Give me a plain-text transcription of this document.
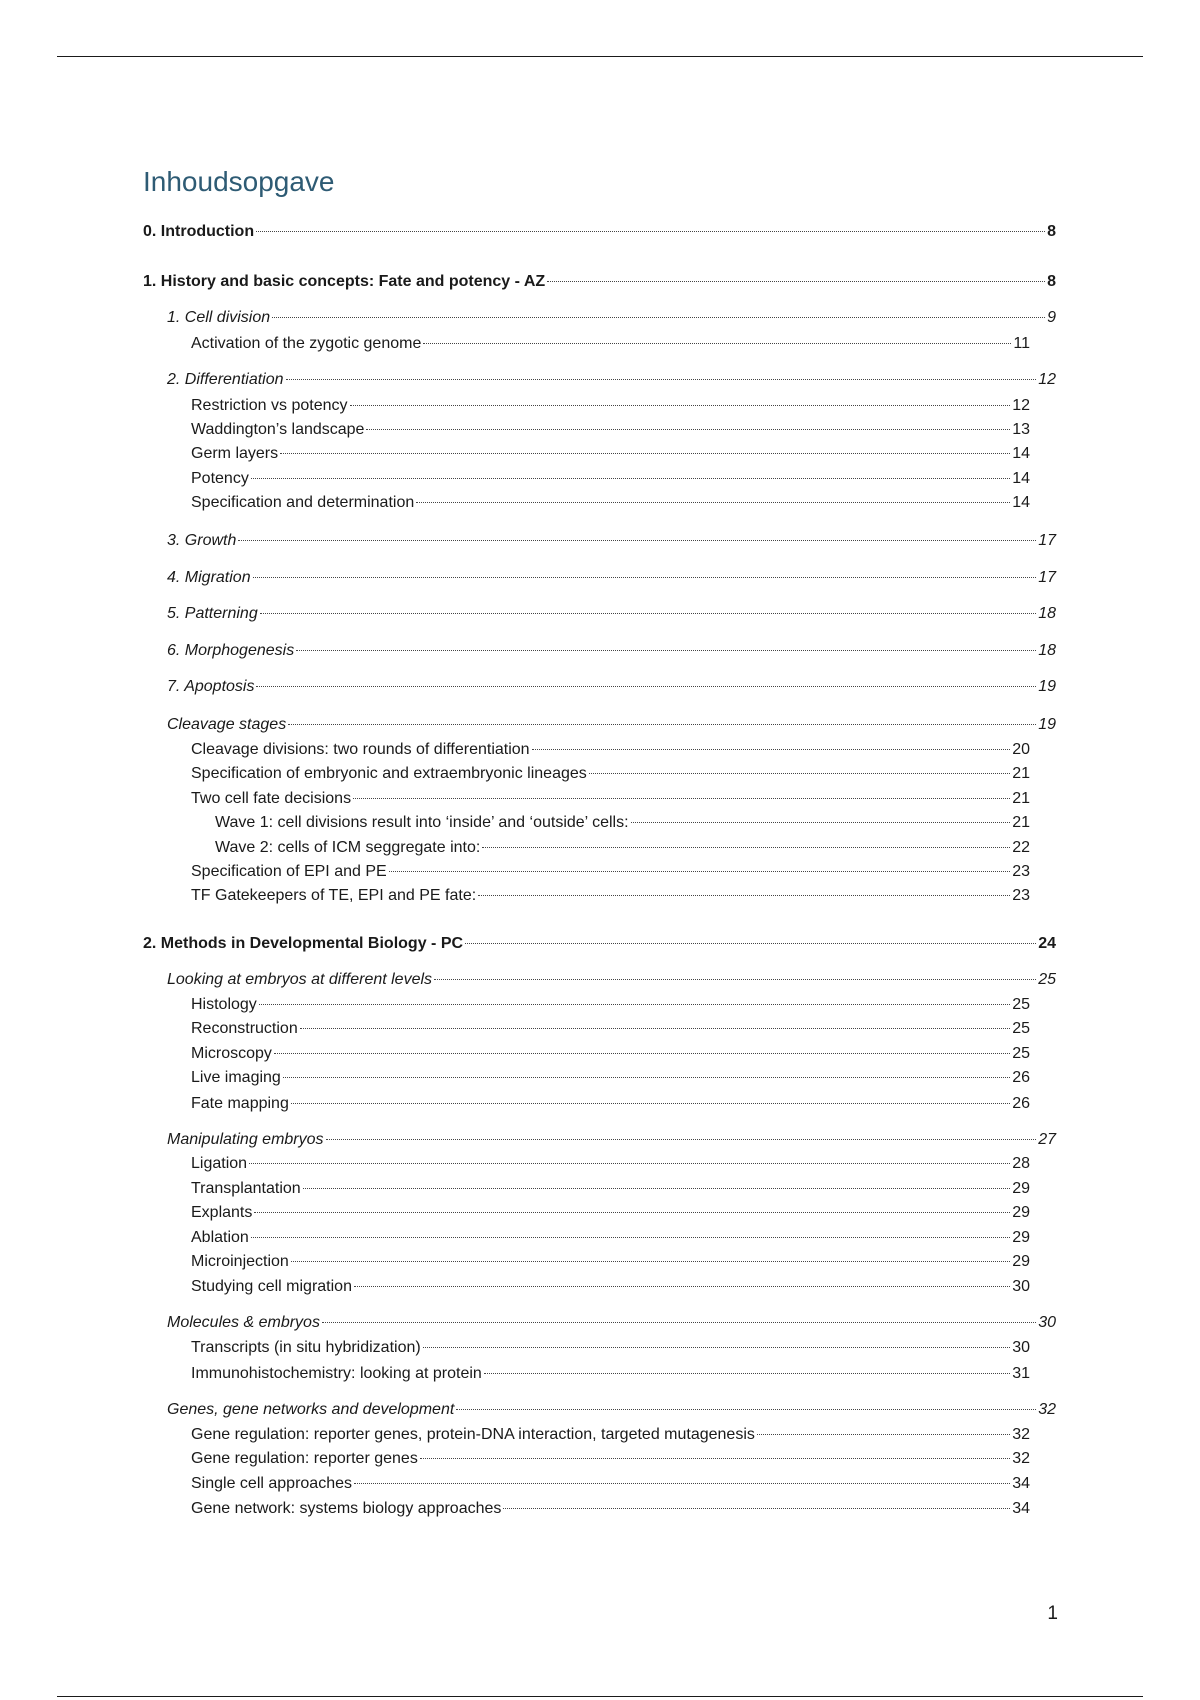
Inhoudsopgave
0. Introduction	8
1. History and basic concepts: Fate and potency - AZ	8
1. Cell division	9
Activation of the zygotic genome	11
2. Differentiation	12
Restriction vs potency	12
Waddington’s landscape	13
Germ layers	14
Potency	14
Specification and determination	14
3. Growth	17
4. Migration	17
5. Patterning	18
6. Morphogenesis	18
7. Apoptosis	19
Cleavage stages	19
Cleavage divisions: two rounds of differentiation	20
Specification of embryonic and extraembryonic lineages	21
Two cell fate decisions	21
Wave 1: cell divisions result into ‘inside’ and ‘outside’ cells:	21
Wave 2: cells of ICM seggregate into:	22
Specification of EPI and PE	23
TF Gatekeepers of TE, EPI and PE fate:	23
2. Methods in Developmental Biology - PC	24
Looking at embryos at different levels	25
Histology	25
Reconstruction	25
Microscopy	25
Live imaging	26
Fate mapping	26
Manipulating embryos	27
Ligation	28
Transplantation	29
Explants	29
Ablation	29
Microinjection	29
Studying cell migration	30
Molecules & embryos	30
Transcripts (in situ hybridization)	30
Immunohistochemistry: looking at protein	31
Genes, gene networks and development	32
Gene regulation: reporter genes, protein-DNA interaction, targeted mutagenesis	32
Gene regulation: reporter genes	32
Single cell approaches	34
Gene network: systems biology approaches	34
1
